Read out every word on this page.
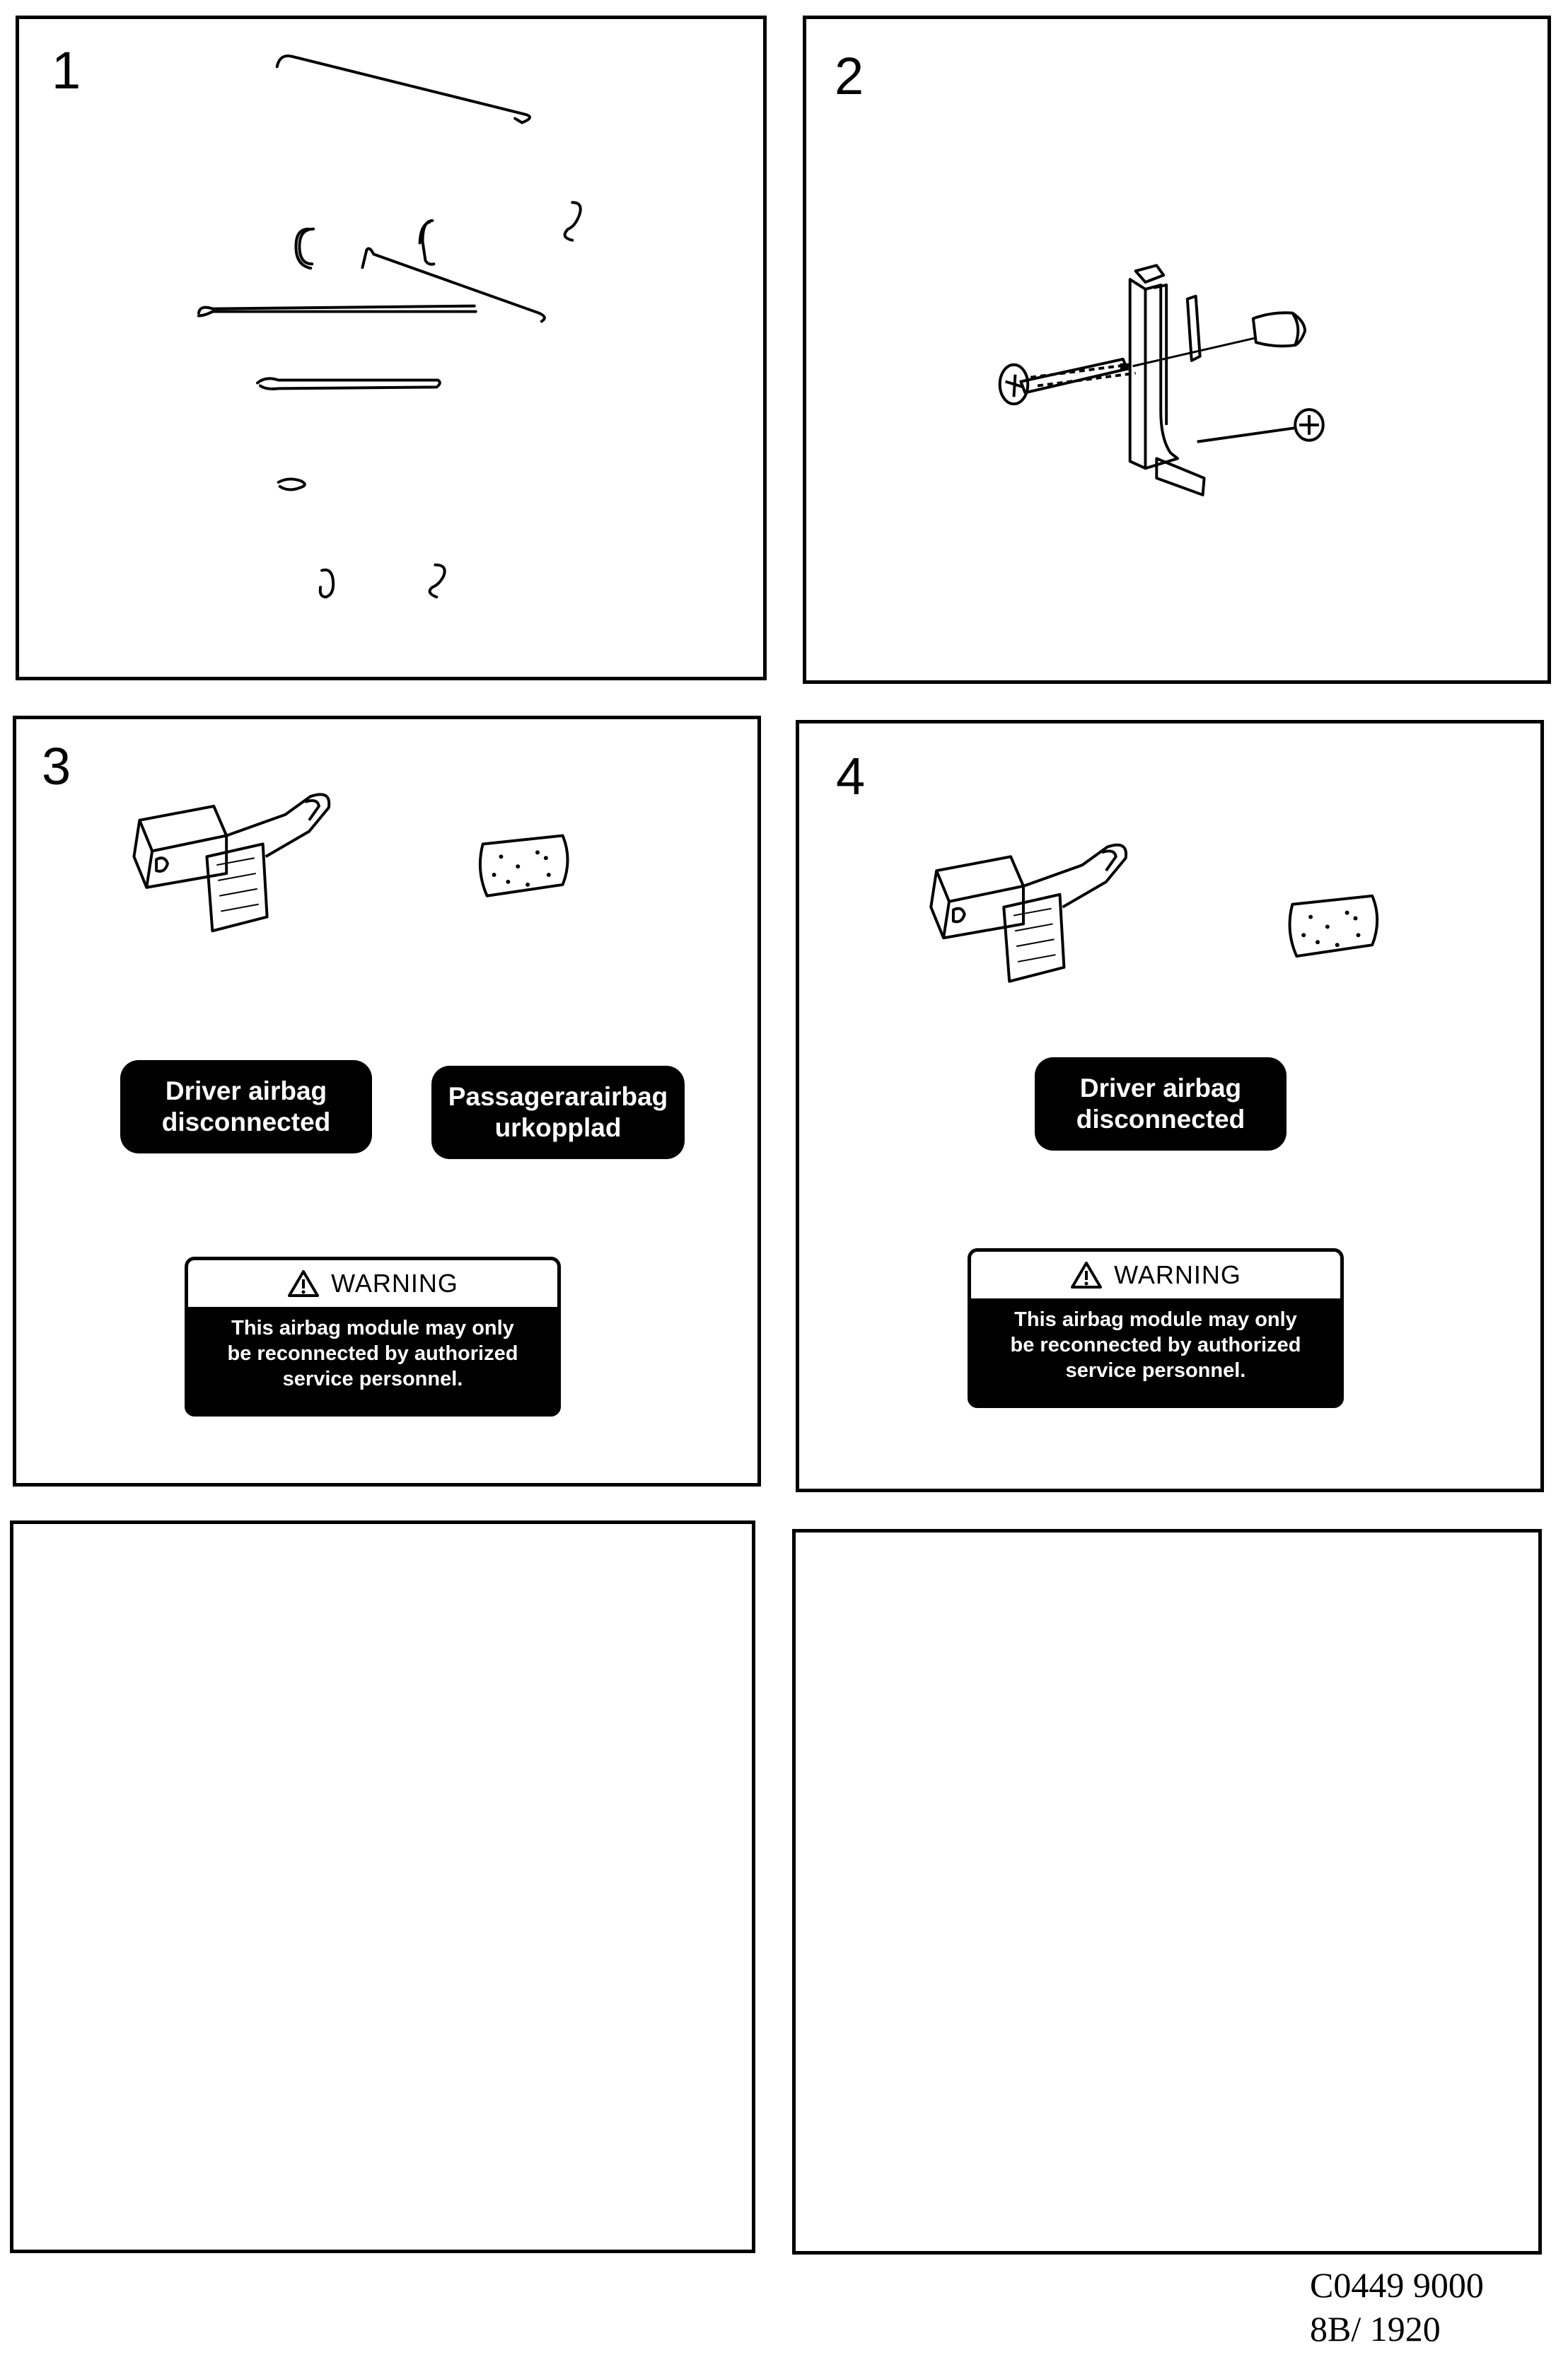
1	2
3
Driver airbag
disconnected
Passagerarairbag
urkopplad
WARNING
This airbag module may only
be reconnected by authorized
service personnel.
4
Driver airbag
disconnected
WARNING
This airbag module may only
be reconnected by authorized
service personnel.
C0449 9000
8B/ 1920
